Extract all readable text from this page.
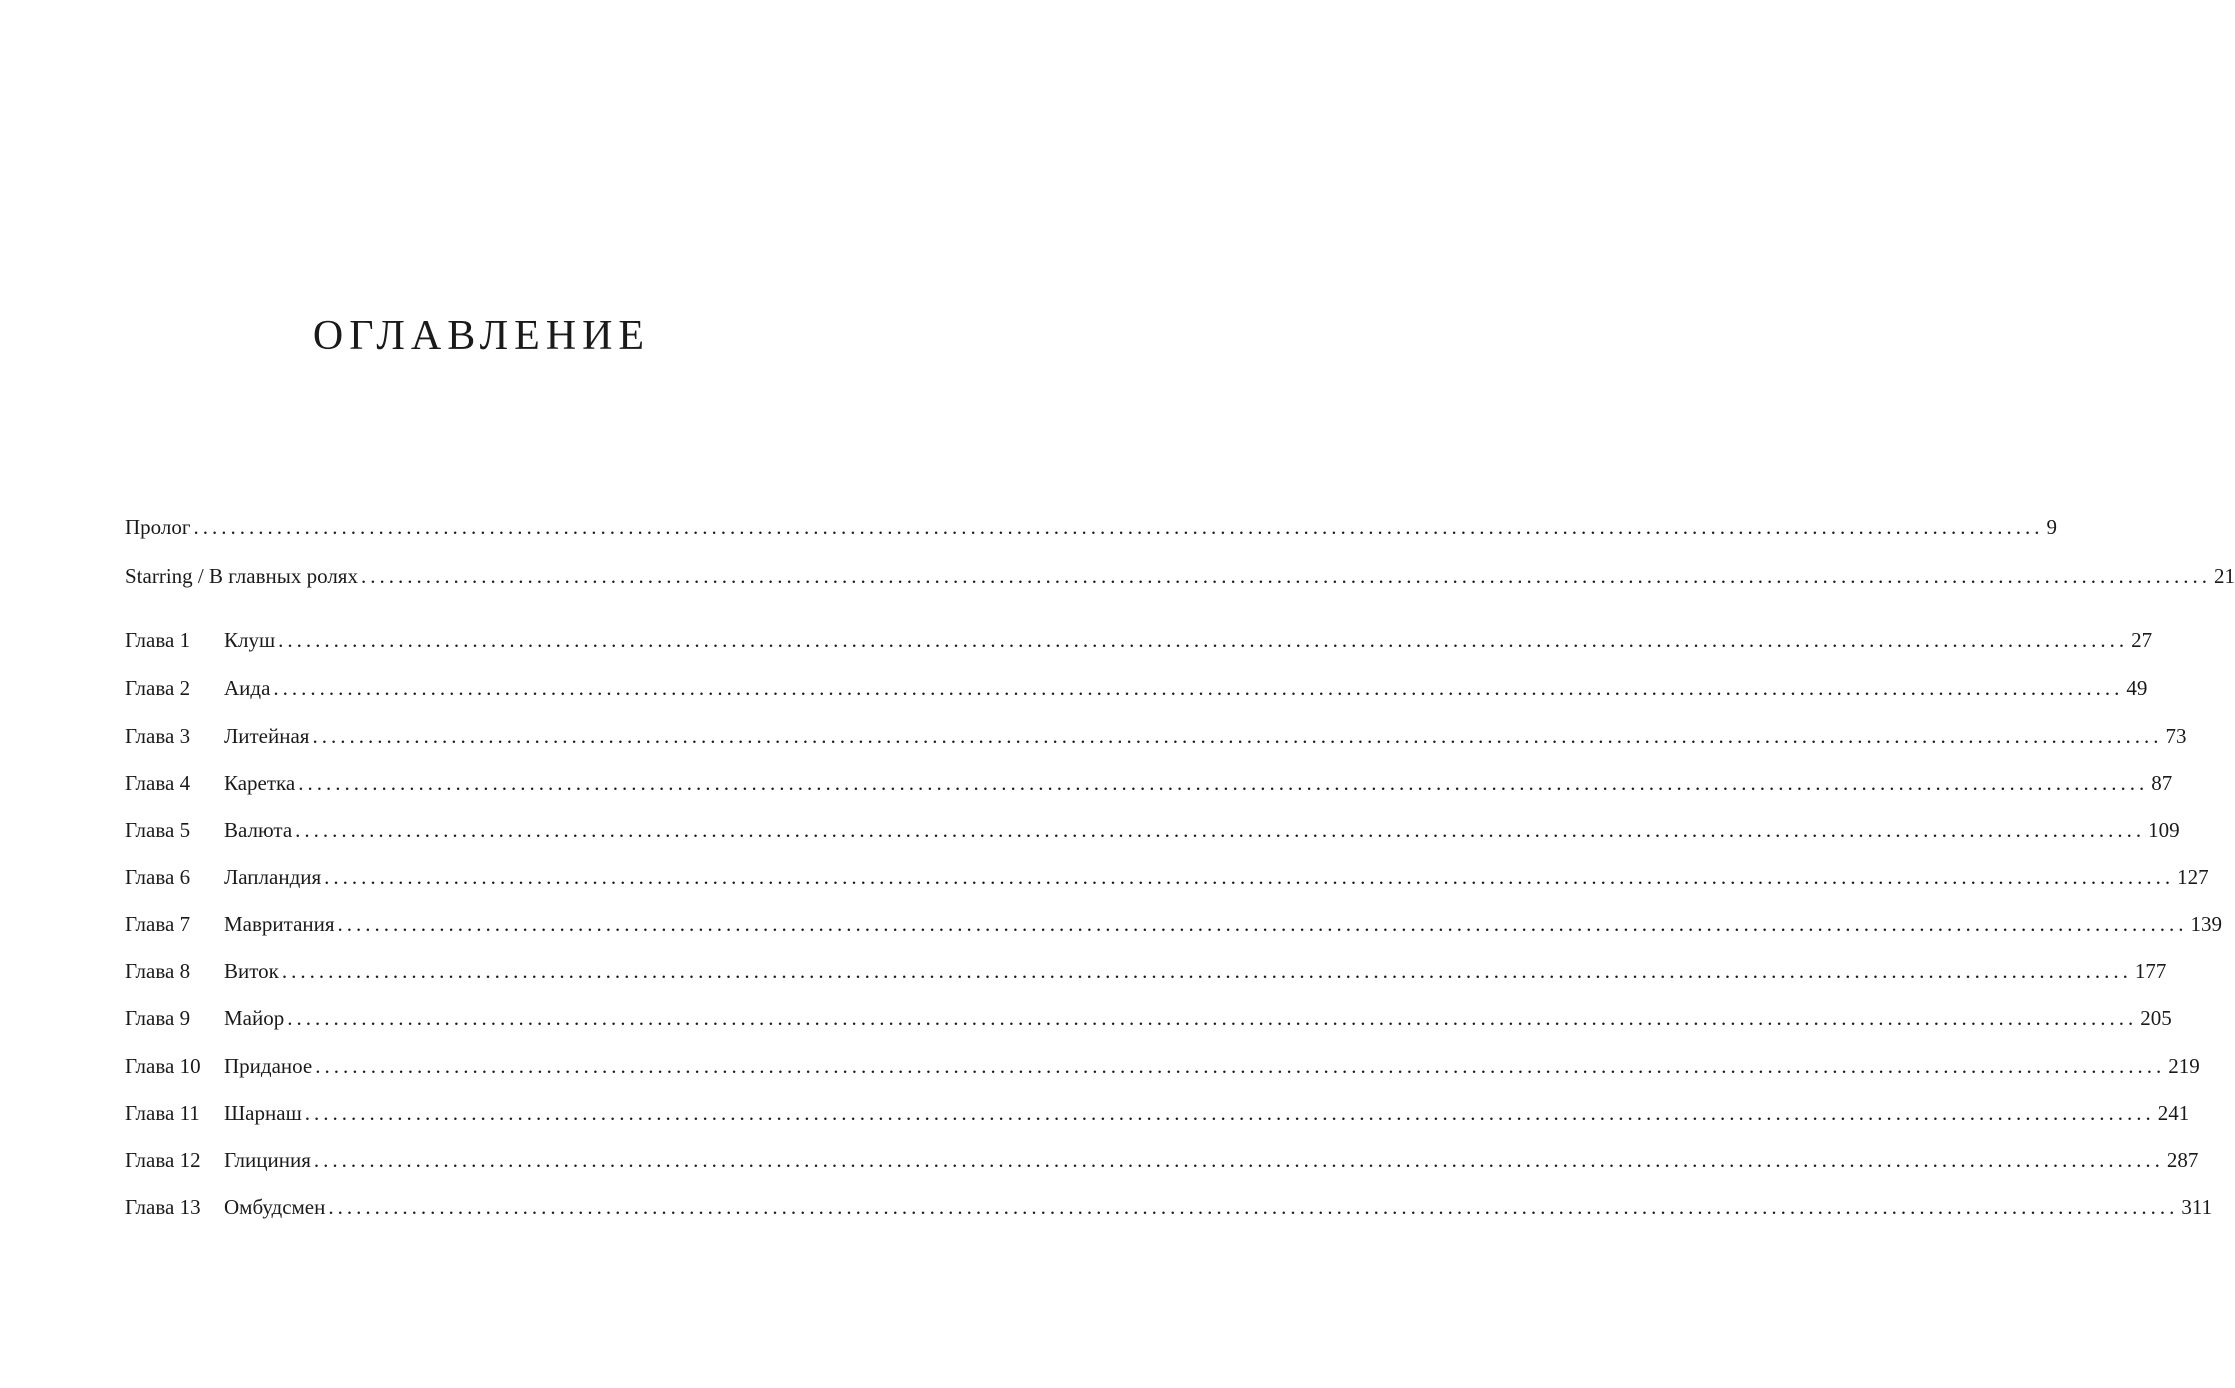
ОГЛАВЛЕНИЕ
Пролог ........................................................................................................................................................................................................ 9
Starring / В главных ролях ........................................................................................................................................................................................................ 21
Глава 1	Клуш ........................................................................................................................................................................................................ 27
Глава 2	Аида ........................................................................................................................................................................................................ 49
Глава 3	Литейная ........................................................................................................................................................................................................ 73
Глава 4	Каретка ........................................................................................................................................................................................................ 87
Глава 5	Валюта ........................................................................................................................................................................................................ 109
Глава 6	Лапландия ........................................................................................................................................................................................................ 127
Глава 7	Мавритания ........................................................................................................................................................................................................ 139
Глава 8	Виток ........................................................................................................................................................................................................ 177
Глава 9	Майор ........................................................................................................................................................................................................ 205
Глава 10	Приданое ........................................................................................................................................................................................................ 219
Глава 11	Шарнаш ........................................................................................................................................................................................................ 241
Глава 12	Глициния ........................................................................................................................................................................................................ 287
Глава 13	Омбудсмен ........................................................................................................................................................................................................ 311
